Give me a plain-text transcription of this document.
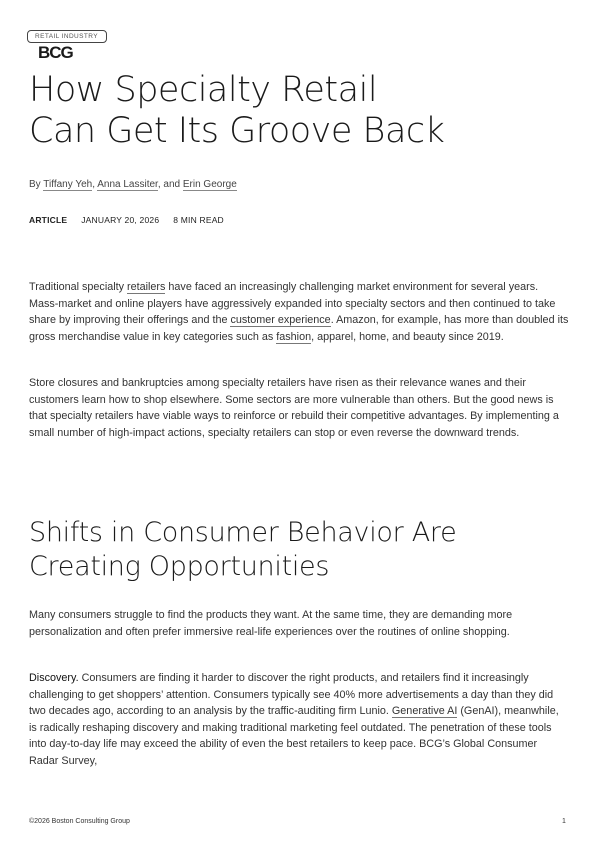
RETAIL INDUSTRY
BCG
How Specialty Retail
Can Get Its Groove Back
By Tiffany Yeh, Anna Lassiter, and Erin George
ARTICLE JANUARY 20, 2026 8 MIN READ

Traditional specialty retailers have faced an increasingly challenging market environment for several years. Mass-market and online players have aggressively expanded into specialty sectors and then continued to take share by improving their offerings and the customer experience. Amazon, for example, has more than doubled its gross merchandise value in key categories such as fashion, apparel, home, and beauty since 2019.

Store closures and bankruptcies among specialty retailers have risen as their relevance wanes and their customers learn how to shop elsewhere. Some sectors are more vulnerable than others. But the good news is that specialty retailers have viable ways to reinforce or rebuild their competitive advantages. By implementing a small number of high-impact actions, specialty retailers can stop or even reverse the downward trends.

Shifts in Consumer Behavior Are
Creating Opportunities

Many consumers struggle to find the products they want. At the same time, they are demanding more personalization and often prefer immersive real-life experiences over the routines of online shopping.

Discovery. Consumers are finding it harder to discover the right products, and retailers find it increasingly challenging to get shoppers’ attention. Consumers typically see 40% more advertisements a day than they did two decades ago, according to an analysis by the traffic-auditing firm Lunio. Generative AI (GenAI), meanwhile, is radically reshaping discovery and making traditional marketing feel outdated. The penetration of these tools into day-to-day life may exceed the ability of even the best retailers to keep pace. BCG’s Global Consumer Radar Survey,

©2026 Boston Consulting Group	1
